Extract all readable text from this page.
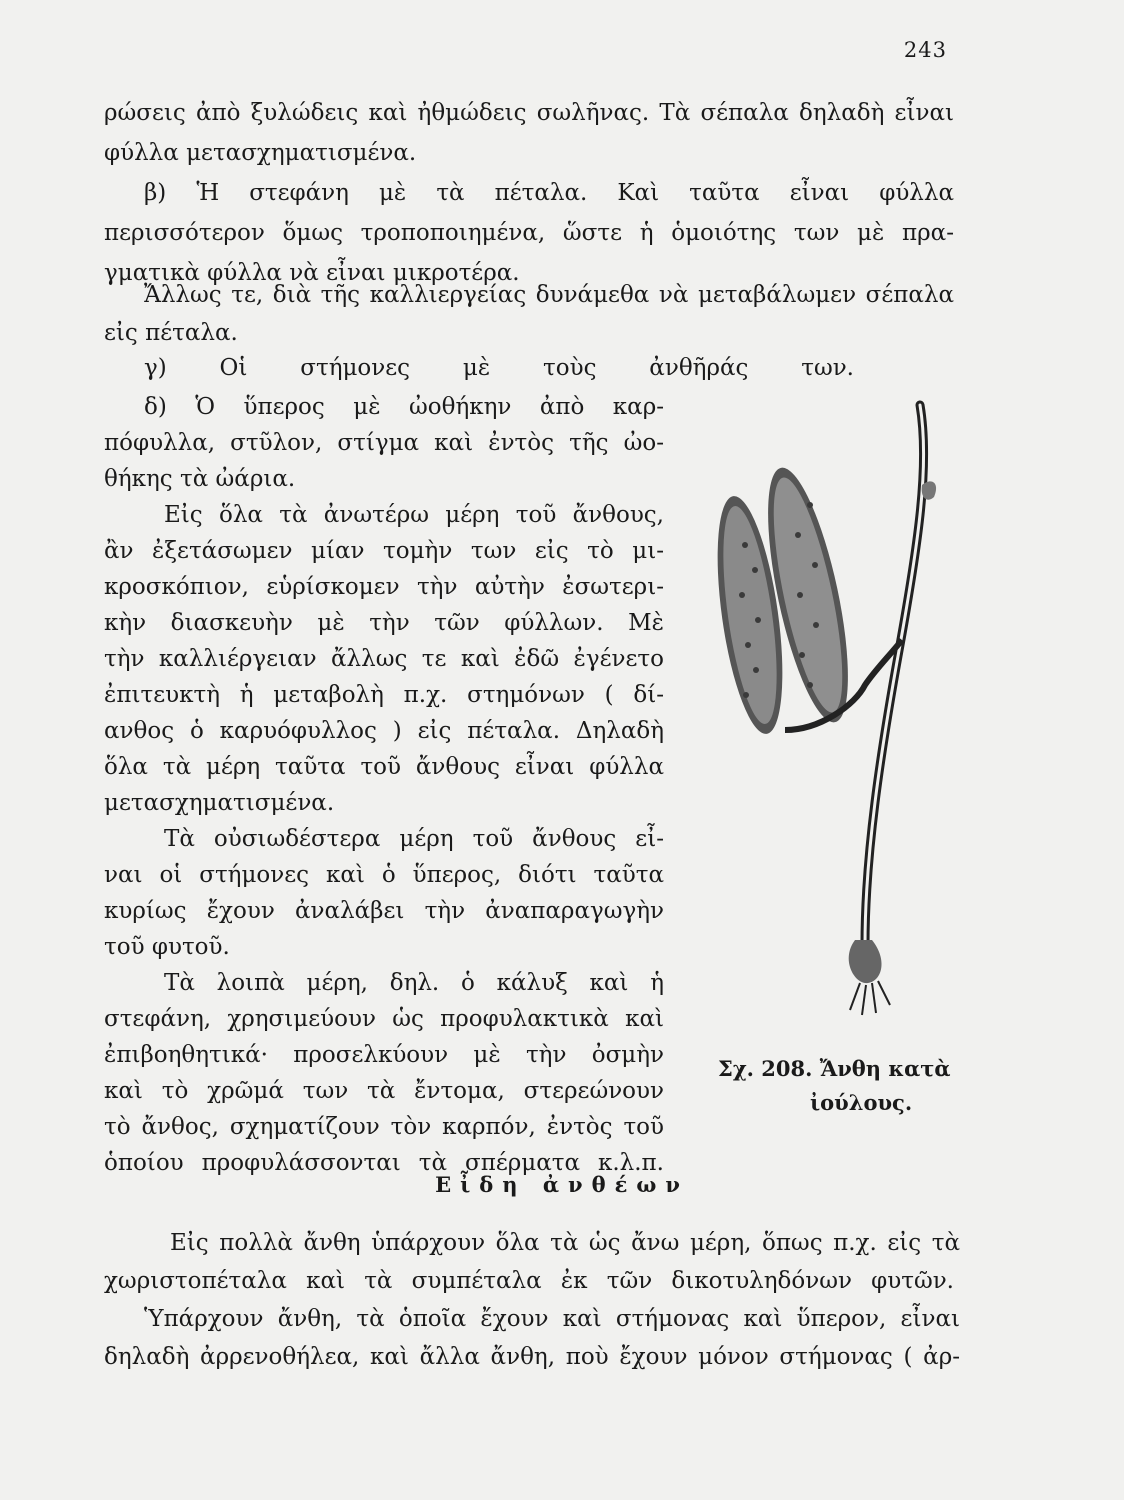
243
ρώσεις ἀπὸ ξυλώδεις καὶ ἠθμώδεις σωλῆνας. Τὰ σέπαλα δηλαδὴ εἶναι
φύλλα μετασχηματισμένα.
β) Ἡ στεφάνη μὲ τὰ πέταλα. Καὶ ταῦτα εἶναι φύλλα
περισσότερον ὅμως τροποποιημένα, ὥστε ἡ ὁμοιότης των μὲ πρα-
γματικὰ φύλλα νὰ εἶναι μικροτέρα.
Ἄλλως τε, διὰ τῆς καλλιεργείας δυνάμεθα νὰ μεταβάλωμεν σέπαλα
εἰς πέταλα.
γ) Οἱ στήμονες μὲ τοὺς ἀνθῆράς των.
δ) Ὁ ὕπερος μὲ ὠοθήκην ἀπὸ καρ-
πόφυλλα, στῦλον, στίγμα καὶ ἐντὸς τῆς ὠο-
θήκης τὰ ὠάρια.
Εἰς ὅλα τὰ ἀνωτέρω μέρη τοῦ ἄνθους,
ἂν ἐξετάσωμεν μίαν τομὴν των εἰς τὸ μι-
κροσκόπιον, εὑρίσκομεν τὴν αὐτὴν ἐσωτερι-
κὴν διασκευὴν μὲ τὴν τῶν φύλλων. Μὲ
τὴν καλλιέργειαν ἄλλως τε καὶ ἐδῶ ἐγένετο
ἐπιτευκτὴ ἡ μεταβολὴ π.χ. στημόνων ( δί-
ανθος ὁ καρυόφυλλος ) εἰς πέταλα. Δηλαδὴ
ὅλα τὰ μέρη ταῦτα τοῦ ἄνθους εἶναι φύλλα
μετασχηματισμένα.
Τὰ οὐσιωδέστερα μέρη τοῦ ἄνθους εἶ-
ναι οἱ στήμονες καὶ ὁ ὕπερος, διότι ταῦτα
κυρίως ἔχουν ἀναλάβει τὴν ἀναπαραγωγὴν
τοῦ φυτοῦ.
Τὰ λοιπὰ μέρη, δηλ. ὁ κάλυξ καὶ ἡ
στεφάνη, χρησιμεύουν ὡς προφυλακτικὰ καὶ
ἐπιβοηθητικά· προσελκύουν μὲ τὴν ὀσμὴν
καὶ τὸ χρῶμά των τὰ ἔντομα, στερεώνουν
τὸ ἄνθος, σχηματίζουν τὸν καρπόν, ἐντὸς τοῦ
ὁποίου προφυλάσσονται τὰ σπέρματα κ.λ.π.
Σχ. 208. Ἄνθη κατὰ
ἰούλους.
Εἶδη ἀνθέων
Εἰς πολλὰ ἄνθη ὑπάρχουν ὅλα τὰ ὡς ἄνω μέρη, ὅπως π.χ. εἰς τὰ
χωριστοπέταλα καὶ τὰ συμπέταλα ἐκ τῶν δικοτυληδόνων φυτῶν.
Ὑπάρχουν ἄνθη, τὰ ὁποῖα ἔχουν καὶ στήμονας καὶ ὕπερον, εἶναι
δηλαδὴ ἀρρενοθήλεα, καὶ ἄλλα ἄνθη, ποὺ ἔχουν μόνον στήμονας ( ἀρ-
